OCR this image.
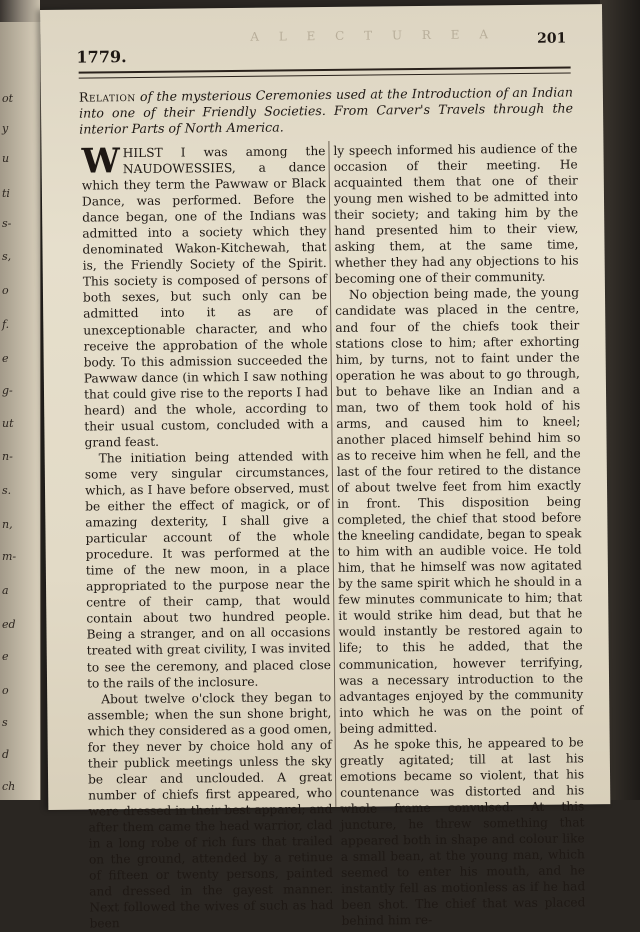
ot
y
u
ti
s-
s,
o
f.
e
g-
ut
n-
s.
n,
m-
a
ed
e
o
s
d
ch
A L E C T U R E A
1779.
201
Relation of the mysterious Ceremonies used at the Introduction of an Indian into one of their Friendly Societies. From Carver's Travels through the interior Parts of North America.

WHILST I was among the NAUDOWESSIES, a dance which they term the Pawwaw or Black Dance, was performed. Before the dance began, one of the Indians was admitted into a society which they denominated Wakon-Kitchewah, that is, the Friendly Society of the Spirit. This society is composed of persons of both sexes, but such only can be admitted into it as are of unexceptionable character, and who receive the approbation of the whole body. To this admission succeeded the Pawwaw dance (in which I saw nothing that could give rise to the reports I had heard) and the whole, according to their usual custom, concluded with a grand feast.

The initiation being attended with some very singular circumstances, which, as I have before observed, must be either the effect of magick, or of amazing dexterity, I shall give a particular account of the whole procedure. It was performed at the time of the new moon, in a place appropriated to the purpose near the centre of their camp, that would contain about two hundred people. Being a stranger, and on all occasions treated with great civility, I was invited to see the ceremony, and placed close to the rails of the inclosure.

About twelve o'clock they began to assemble; when the sun shone bright, which they considered as a good omen, for they never by choice hold any of their publick meetings unless the sky be clear and unclouded. A great number of chiefs first appeared, who were dressed in their best apparel; and after them came the head warrior, clad in a long robe of rich furs that trailed on the ground, attended by a retinue of fifteen or twenty persons, painted and dressed in the gayest manner. Next followed the wives of such as had been

ly speech informed his audience of the occasion of their meeting. He acquainted them that one of their young men wished to be admitted into their society; and taking him by the hand presented him to their view, asking them, at the same time, whether they had any objections to his becoming one of their community.

No objection being made, the young candidate was placed in the centre, and four of the chiefs took their stations close to him; after exhorting him, by turns, not to faint under the operation he was about to go through, but to behave like an Indian and a man, two of them took hold of his arms, and caused him to kneel; another placed himself behind him so as to receive him when he fell, and the last of the four retired to the distance of about twelve feet from him exactly in front. This disposition being completed, the chief that stood before the kneeling candidate, began to speak to him with an audible voice. He told him, that he himself was now agitated by the same spirit which he should in a few minutes communicate to him; that it would strike him dead, but that he would instantly be restored again to life; to this he added, that the communication, however terrifying, was a necessary introduction to the advantages enjoyed by the community into which he was on the point of being admitted.

As he spoke this, he appeared to be greatly agitated; till at last his emotions became so violent, that his countenance was distorted and his whole frame convulsed. At this juncture, he threw something that appeared both in shape and colour like a small bean, at the young man, which seemed to enter his mouth, and he instantly fell as motionless as if he had been shot. The chief that was placed behind him re-
